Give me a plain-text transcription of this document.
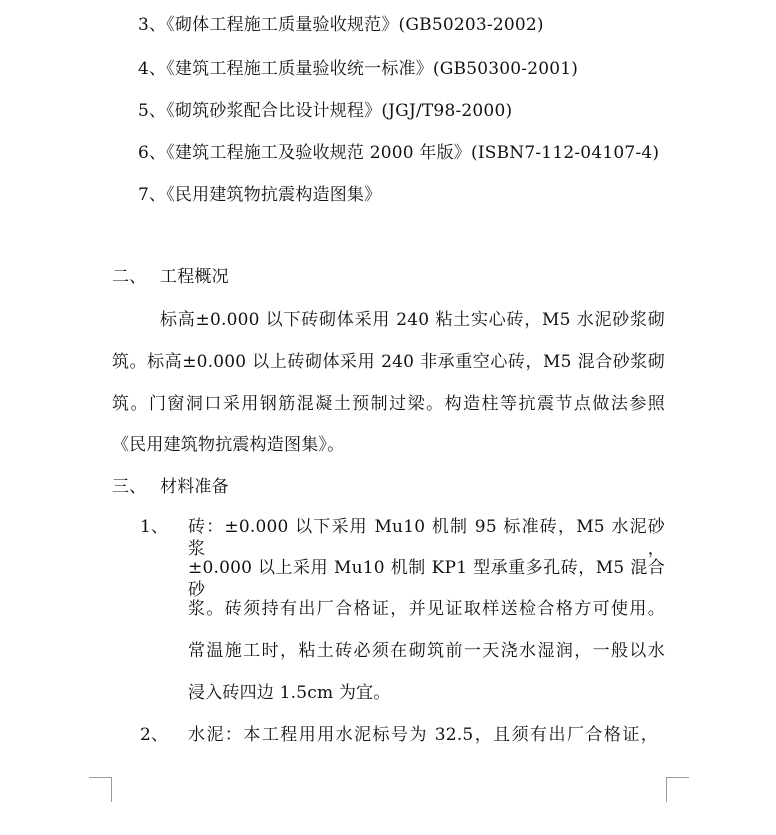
3、《砌体工程施工质量验收规范》(GB50203-2002)
4、《建筑工程施工质量验收统一标准》(GB50300-2001)
5、《砌筑砂浆配合比设计规程》(JGJ/T98-2000)
6、《建筑工程施工及验收规范 2000 年版》(ISBN7-112-04107-4)
7、《民用建筑物抗震构造图集》
二、 工程概况
标高±0.000 以下砖砌体采用 240 粘土实心砖，M5 水泥砂浆砌
筑。标高±0.000 以上砖砌体采用 240 非承重空心砖，M5 混合砂浆砌
筑。门窗洞口采用钢筋混凝土预制过梁。构造柱等抗震节点做法参照
《民用建筑物抗震构造图集》。
三、 材料准备
1、 砖：±0.000 以下采用 Mu10 机制 95 标准砖，M5 水泥砂浆，
±0.000 以上采用 Mu10 机制 KP1 型承重多孔砖，M5 混合砂
浆。砖须持有出厂合格证，并见证取样送检合格方可使用。
常温施工时，粘土砖必须在砌筑前一天浇水湿润，一般以水
浸入砖四边 1.5cm 为宜。
2、 水泥：本工程用用水泥标号为 32.5，且须有出厂合格证，
